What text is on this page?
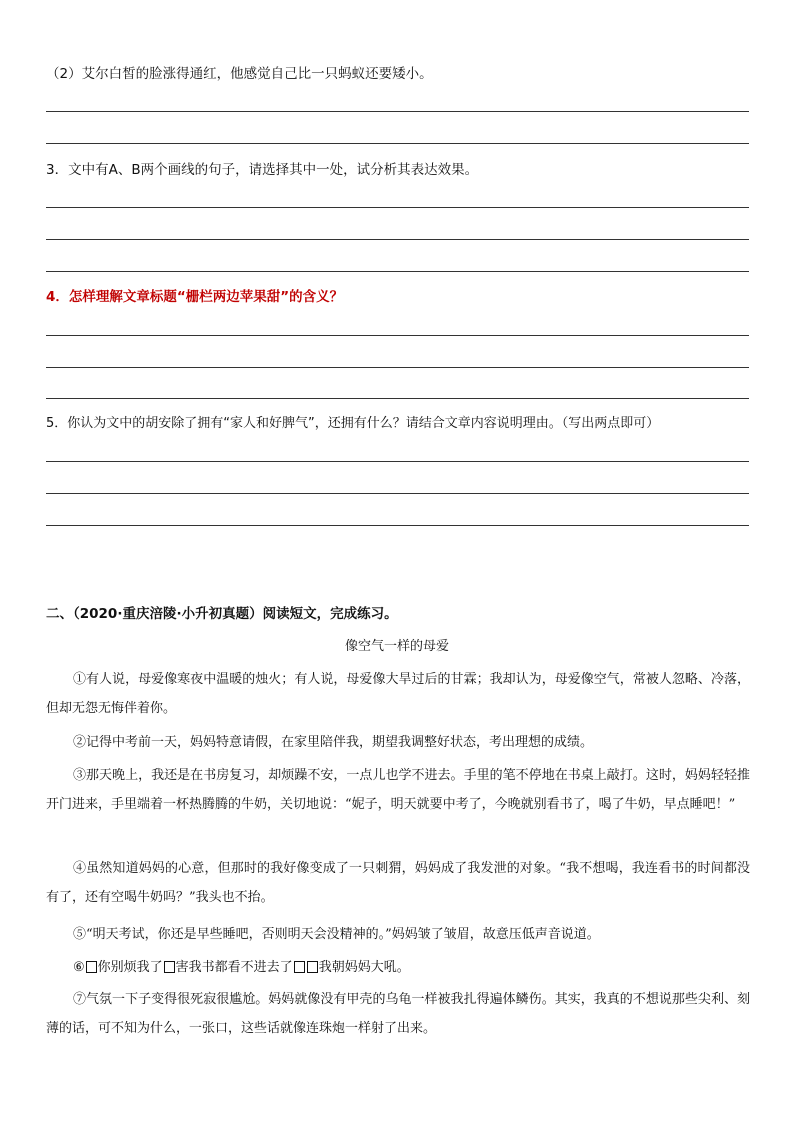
（2）艾尔白皙的脸涨得通红，他感觉自己比一只蚂蚁还要矮小。
3．文中有A、B两个画线的句子，请选择其中一处，试分析其表达效果。
4．怎样理解文章标题“栅栏两边苹果甜”的含义？
5．你认为文中的胡安除了拥有“家人和好脾气”，还拥有什么？请结合文章内容说明理由。（写出两点即可）
二、（2020·重庆涪陵·小升初真题）阅读短文，完成练习。
像空气一样的母爱
①有人说，母爱像寒夜中温暖的烛火；有人说，母爱像大旱过后的甘霖；我却认为，母爱像空气，常被人忽略、冷落，但却无怨无悔伴着你。
②记得中考前一天，妈妈特意请假，在家里陪伴我，期望我调整好状态，考出理想的成绩。
③那天晚上，我还是在书房复习，却烦躁不安，一点儿也学不进去。手里的笔不停地在书桌上敲打。这时，妈妈轻轻推开门进来，手里端着一杯热腾腾的牛奶，关切地说：“妮子，明天就要中考了，今晚就别看书了，喝了牛奶，早点睡吧！”
④虽然知道妈妈的心意，但那时的我好像变成了一只刺猬，妈妈成了我发泄的对象。“我不想喝，我连看书的时间都没有了，还有空喝牛奶吗？”我头也不抬。
⑤“明天考试，你还是早些睡吧，否则明天会没精神的。”妈妈皱了皱眉，故意压低声音说道。
⑥ 你别烦我了 害我书都看不进去了 我朝妈妈大吼。
⑦气氛一下子变得很死寂很尴尬。妈妈就像没有甲壳的乌龟一样被我扎得遍体鳞伤。其实，我真的不想说那些尖利、刻薄的话，可不知为什么，一张口，这些话就像连珠炮一样射了出来。
